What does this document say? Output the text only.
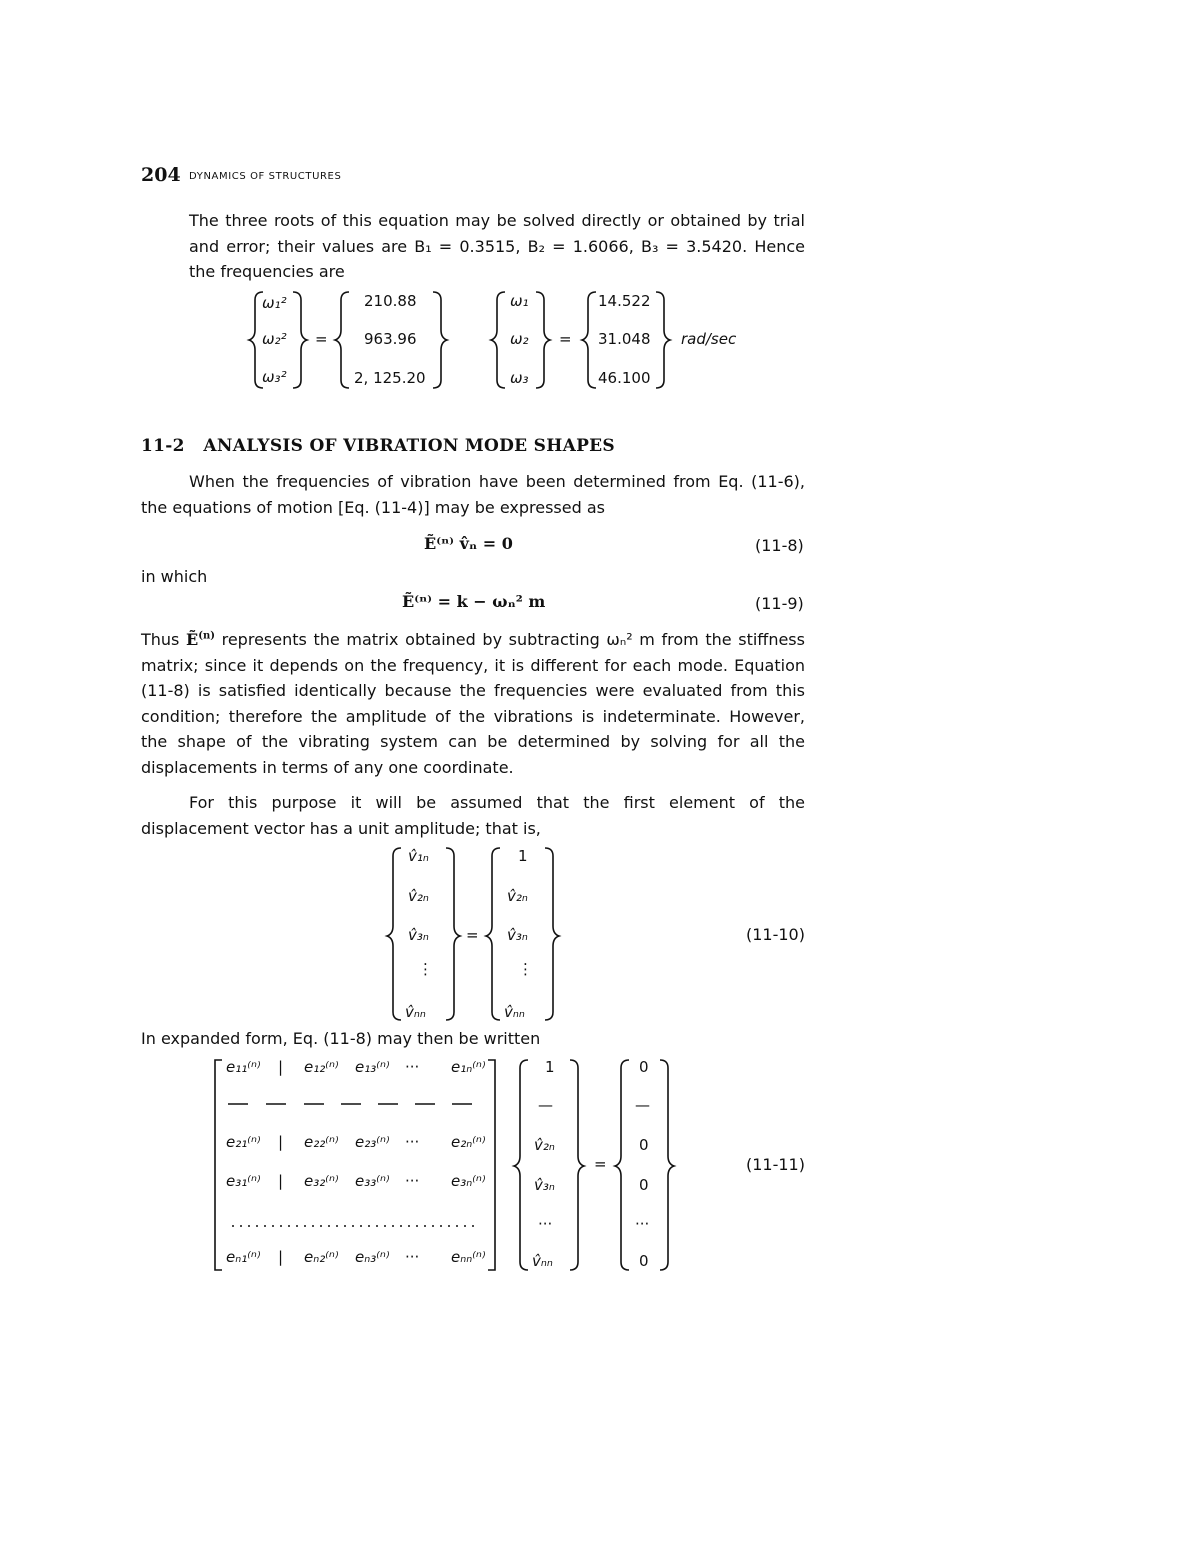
204 DYNAMICS OF STRUCTURES

The three roots of this equation may be solved directly or obtained by trial and error; their values are B₁ = 0.3515, B₂ = 1.6066, B₃ = 3.5420. Hence the frequencies are

ω₁²
ω₂²
ω₃²
=
210.88
963.96
2, 125.20
ω₁
ω₂
ω₃
=
14.522
31.048
46.100
rad/sec
11-2   ANALYSIS OF VIBRATION MODE SHAPES

When the frequencies of vibration have been determined from Eq. (11-6), the equations of motion [Eq. (11-4)] may be expressed as

Ẽ⁽ⁿ⁾ v̂ₙ = 0	(11-8)
in which
Ẽ⁽ⁿ⁾ = k − ωₙ² m	(11-9)

Thus Ẽ$^{(n)}$ represents the matrix obtained by subtracting ωₙ² m from the stiffness matrix; since it depends on the frequency, it is different for each mode. Equation (11-8) is satisfied identically because the frequencies were evaluated from this condition; therefore the amplitude of the vibrations is indeterminate. However, the shape of the vibrating system can be determined by solving for all the displacements in terms of any one coordinate.

For this purpose it will be assumed that the first element of the displacement vector has a unit amplitude; that is,

v̂₁ₙ
v̂₂ₙ
v̂₃ₙ
⋮
v̂ₙₙ
=
1
v̂₂ₙ
v̂₃ₙ
⋮
v̂ₙₙ
(11-10)
In expanded form, Eq. (11-8) may then be written
e₁₁⁽ⁿ⁾ | e₁₂⁽ⁿ⁾ e₁₃⁽ⁿ⁾ ··· e₁ₙ⁽ⁿ⁾
e₂₁⁽ⁿ⁾ | e₂₂⁽ⁿ⁾ e₂₃⁽ⁿ⁾ ··· e₂ₙ⁽ⁿ⁾
e₃₁⁽ⁿ⁾ | e₃₂⁽ⁿ⁾ e₃₃⁽ⁿ⁾ ··· e₃ₙ⁽ⁿ⁾
eₙ₁⁽ⁿ⁾ | eₙ₂⁽ⁿ⁾ eₙ₃⁽ⁿ⁾ ··· eₙₙ⁽ⁿ⁾
1
—
v̂₂ₙ
v̂₃ₙ
···
v̂ₙₙ
=
0
—
0
0
···
0
(11-11)
